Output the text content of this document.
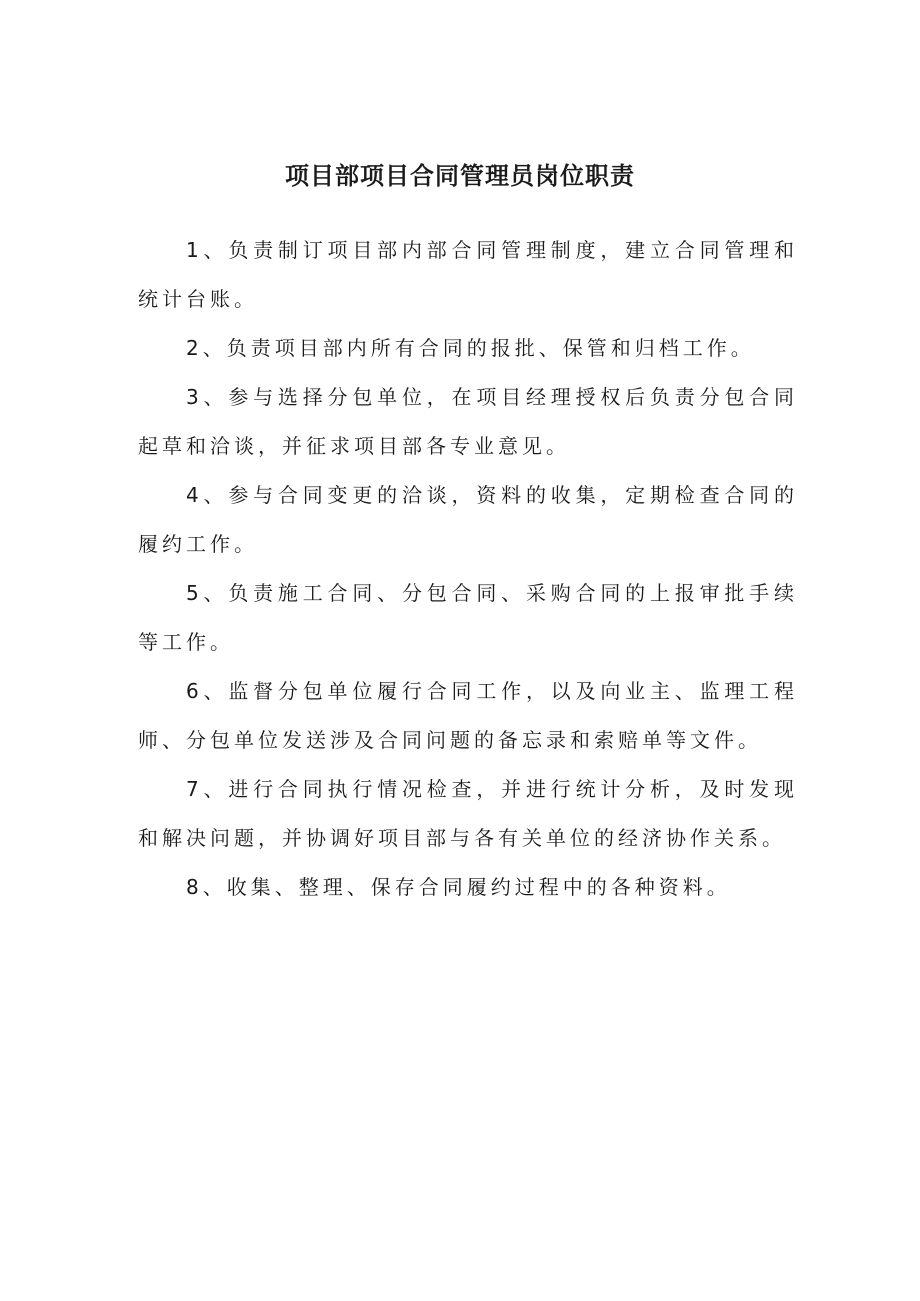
项目部项目合同管理员岗位职责

1、负责制订项目部内部合同管理制度，建立合同管理和统计台账。

2、负责项目部内所有合同的报批、保管和归档工作。

3、参与选择分包单位，在项目经理授权后负责分包合同起草和洽谈，并征求项目部各专业意见。

4、参与合同变更的洽谈，资料的收集，定期检查合同的履约工作。

5、负责施工合同、分包合同、采购合同的上报审批手续等工作。

6、监督分包单位履行合同工作，以及向业主、监理工程师、分包单位发送涉及合同问题的备忘录和索赔单等文件。

7、进行合同执行情况检查，并进行统计分析，及时发现和解决问题，并协调好项目部与各有关单位的经济协作关系。

8、收集、整理、保存合同履约过程中的各种资料。
